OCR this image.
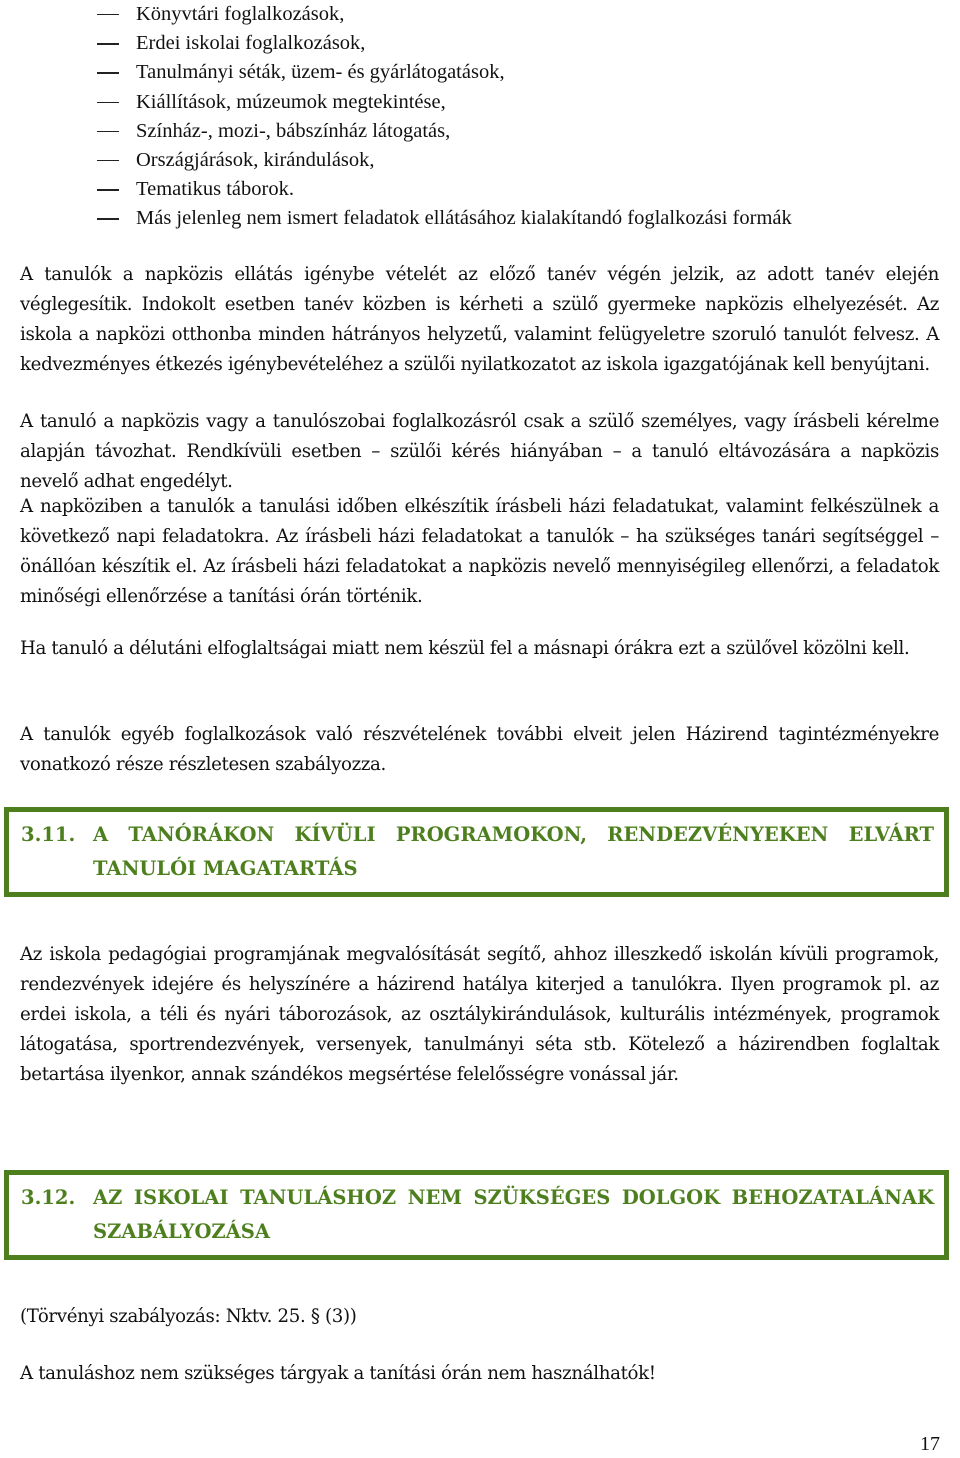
Könyvtári foglalkozások,
Erdei iskolai foglalkozások,
Tanulmányi séták, üzem- és gyárlátogatások,
Kiállítások, múzeumok megtekintése,
Színház-, mozi-, bábszínház látogatás,
Országjárások, kirándulások,
Tematikus táborok.
Más jelenleg nem ismert feladatok ellátásához kialakítandó foglalkozási formák

A tanulók a napközis ellátás igénybe vételét az előző tanév végén jelzik, az adott tanév elején véglegesítik. Indokolt esetben tanév közben is kérheti a szülő gyermeke napközis elhelyezését. Az iskola a napközi otthonba minden hátrányos helyzetű, valamint felügyeletre szoruló tanulót felvesz. A kedvezményes étkezés igénybevételéhez a szülői nyilatkozatot az iskola igazgatójának kell benyújtani.

A tanuló a napközis vagy a tanulószobai foglalkozásról csak a szülő személyes, vagy írásbeli kérelme alapján távozhat. Rendkívüli esetben – szülői kérés hiányában – a tanuló eltávozására a napközis nevelő adhat engedélyt.

A napköziben a tanulók a tanulási időben elkészítik írásbeli házi feladatukat, valamint felkészülnek a következő napi feladatokra. Az írásbeli házi feladatokat a tanulók – ha szükséges tanári segítséggel – önállóan készítik el. Az írásbeli házi feladatokat a napközis nevelő mennyiségileg ellenőrzi, a feladatok minőségi ellenőrzése a tanítási órán történik.

Ha tanuló a délutáni elfoglaltságai miatt nem készül fel a másnapi órákra ezt a szülővel közölni kell.

A tanulók egyéb foglalkozások való részvételének további elveit jelen Házirend tagintézményekre vonatkozó része részletesen szabályozza.

3.11. A TANÓRÁKON KÍVÜLI PROGRAMOKON, RENDEZVÉNYEKEN ELVÁRT TANULÓI MAGATARTÁS

Az iskola pedagógiai programjának megvalósítását segítő, ahhoz illeszkedő iskolán kívüli programok, rendezvények idejére és helyszínére a házirend hatálya kiterjed a tanulókra. Ilyen programok pl. az erdei iskola, a téli és nyári táborozások, az osztálykirándulások, kulturális intézmények, programok látogatása, sportrendezvények, versenyek, tanulmányi séta stb. Kötelező a házirendben foglaltak betartása ilyenkor, annak szándékos megsértése felelősségre vonással jár.

3.12. AZ ISKOLAI TANULÁSHOZ NEM SZÜKSÉGES DOLGOK BEHOZATALÁNAK SZABÁLYOZÁSA

(Törvényi szabályozás: Nktv. 25. § (3))

A tanuláshoz nem szükséges tárgyak a tanítási órán nem használhatók!

17
